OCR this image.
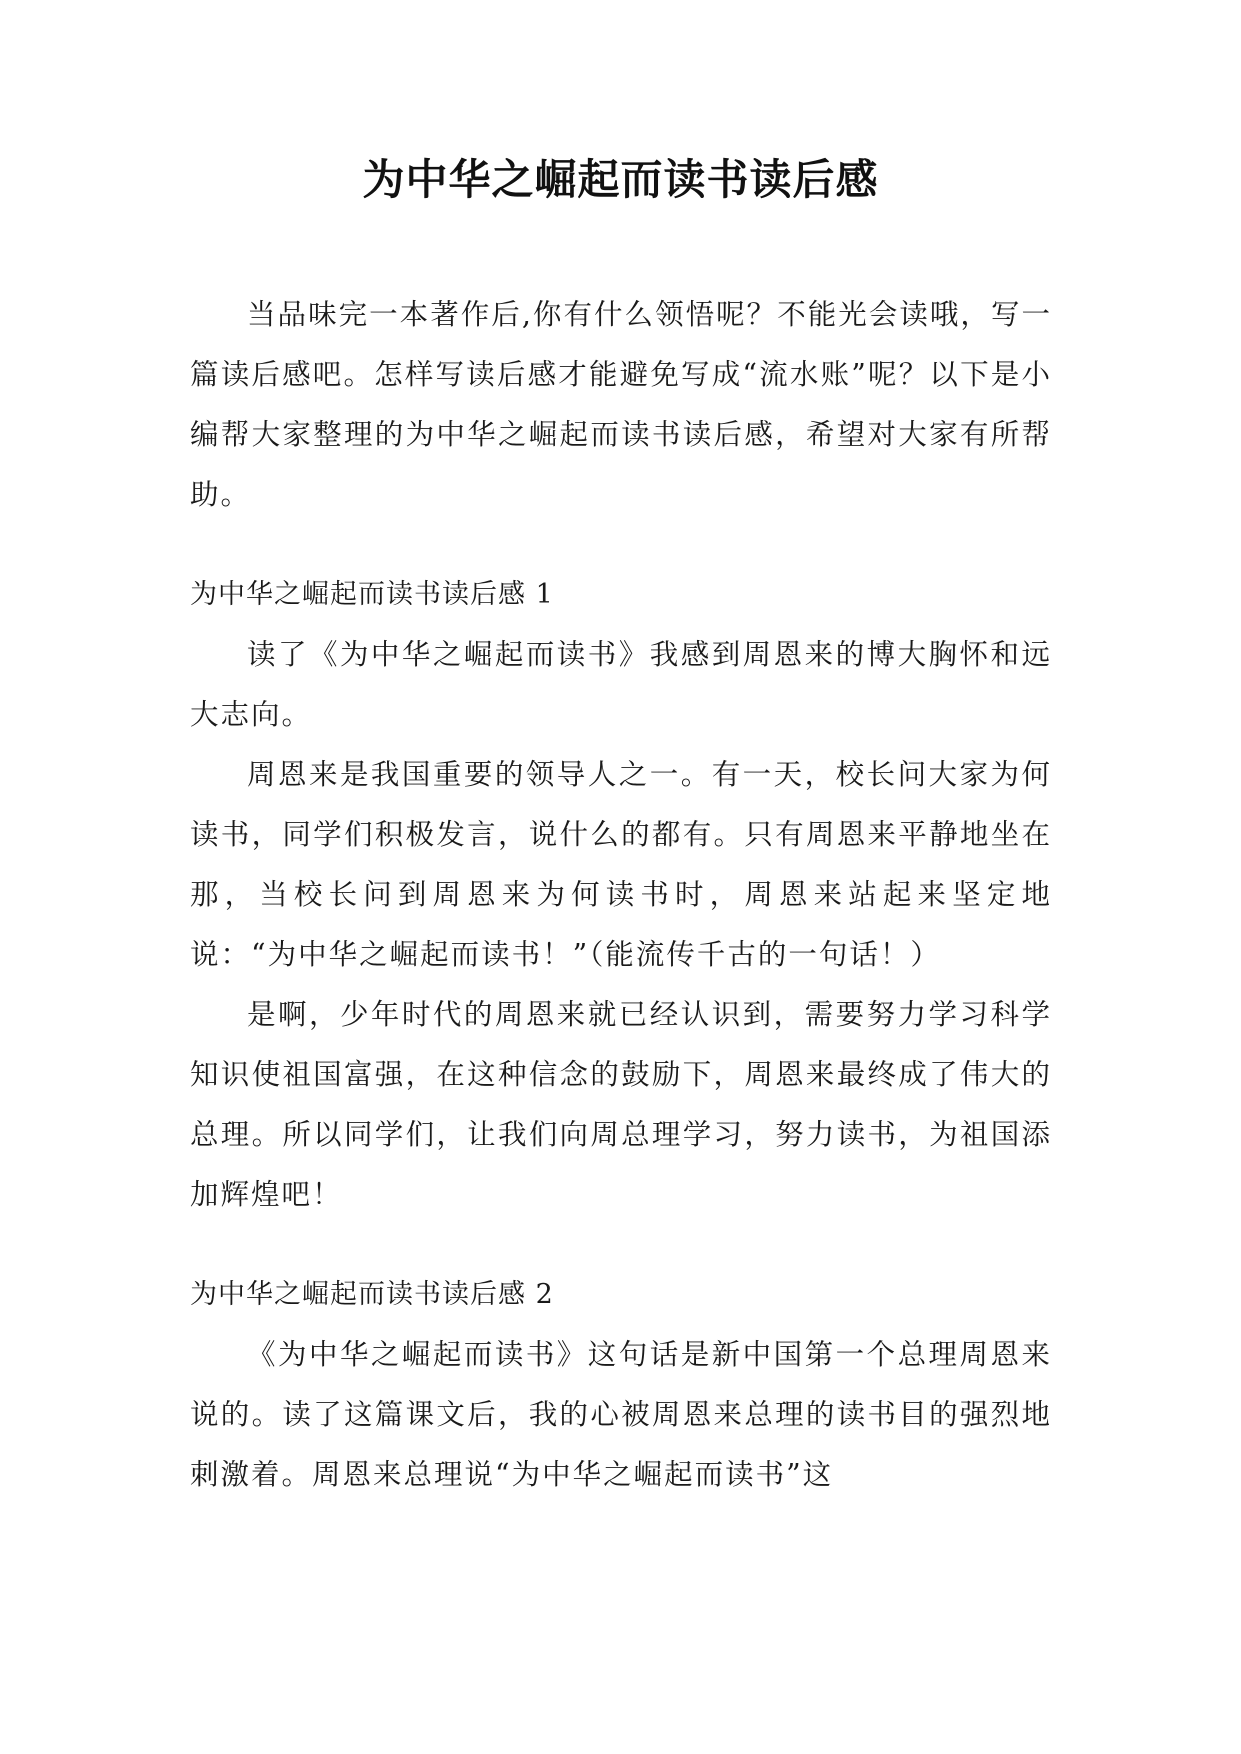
为中华之崛起而读书读后感

当品味完一本著作后,你有什么领悟呢？不能光会读哦，写一篇读后感吧。怎样写读后感才能避免写成“流水账”呢？以下是小编帮大家整理的为中华之崛起而读书读后感，希望对大家有所帮助。

为中华之崛起而读书读后感 1

读了《为中华之崛起而读书》我感到周恩来的博大胸怀和远大志向。

周恩来是我国重要的领导人之一。有一天，校长问大家为何读书，同学们积极发言，说什么的都有。只有周恩来平静地坐在那，当校长问到周恩来为何读书时，周恩来站起来坚定地说：“为中华之崛起而读书！”（能流传千古的一句话！）

是啊，少年时代的周恩来就已经认识到，需要努力学习科学知识使祖国富强，在这种信念的鼓励下，周恩来最终成了伟大的总理。所以同学们，让我们向周总理学习，努力读书，为祖国添加辉煌吧！

为中华之崛起而读书读后感 2

《为中华之崛起而读书》这句话是新中国第一个总理周恩来说的。读了这篇课文后，我的心被周恩来总理的读书目的强烈地刺激着。周恩来总理说“为中华之崛起而读书”这
